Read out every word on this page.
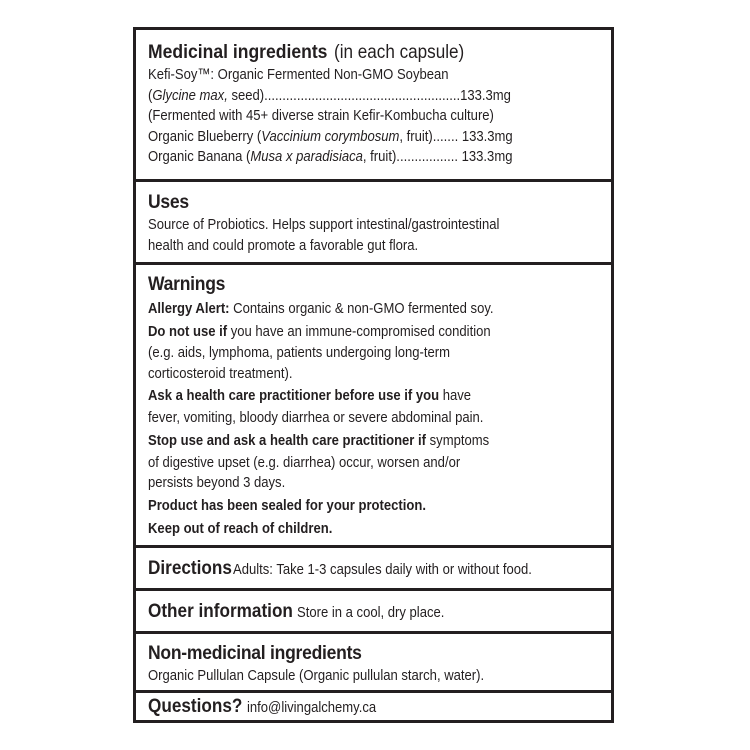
Medicinal ingredients (in each capsule)
Kefi-Soy™: Organic Fermented Non-GMO Soybean
(Glycine max, seed)......................................................133.3mg
(Fermented with 45+ diverse strain Kefir-Kombucha culture)
Organic Blueberry (Vaccinium corymbosum, fruit)....... 133.3mg
Organic Banana (Musa x paradisiaca, fruit)................. 133.3mg
Uses
Source of Probiotics. Helps support intestinal/gastrointestinal
health and could promote a favorable gut flora.
Warnings
Allergy Alert: Contains organic & non-GMO fermented soy.
Do not use if you have an immune-compromised condition
(e.g. aids, lymphoma, patients undergoing long-term
corticosteroid treatment).
Ask a health care practitioner before use if you have
fever, vomiting, bloody diarrhea or severe abdominal pain.
Stop use and ask a health care practitioner if symptoms
of digestive upset (e.g. diarrhea) occur, worsen and/or
persists beyond 3 days.
Product has been sealed for your protection.
Keep out of reach of children.
DirectionsAdults: Take 1-3 capsules daily with or without food.
Other information Store in a cool, dry place.
Non-medicinal ingredients
Organic Pullulan Capsule (Organic pullulan starch, water).
Questions? info@livingalchemy.ca
